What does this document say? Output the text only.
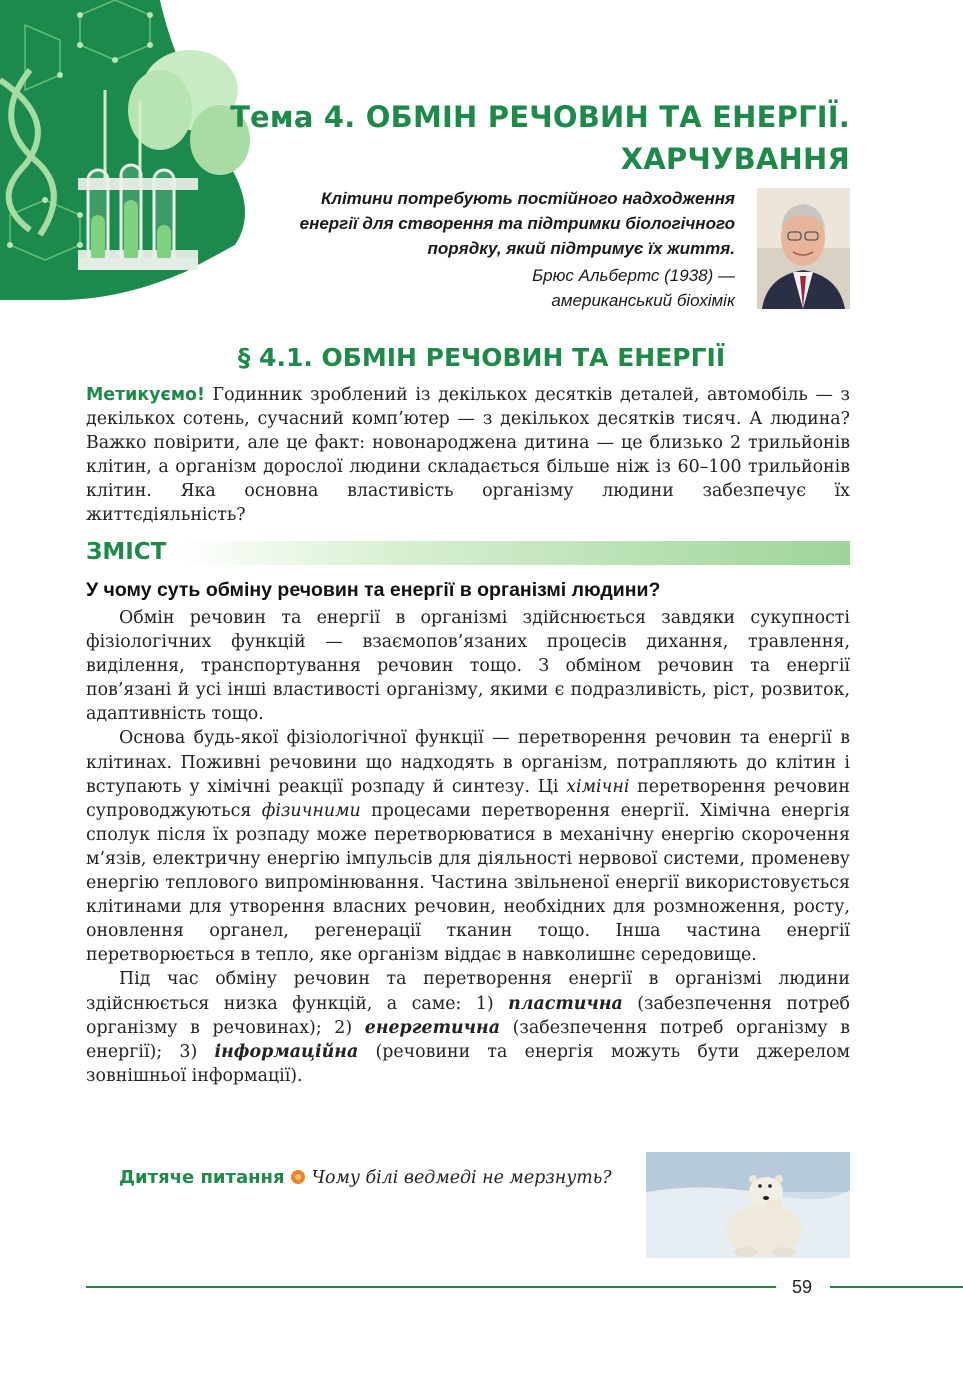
Тема 4. ОБМІН РЕЧОВИН ТА ЕНЕРГІЇ.
ХАРЧУВАННЯ
Клітини потребують постійного надходження
енергії для створення та підтримки біологічного
порядку, який підтримує їх життя.
Брюс Альбертс (1938) —
американський біохімік
§ 4.1. ОБМІН РЕЧОВИН ТА ЕНЕРГІЇ

Метикуємо! Годинник зроблений із декількох десятків деталей, автомобіль — з декількох сотень, сучасний комп’ютер — з декількох десятків тисяч. А людина? Важко повірити, але це факт: новонароджена дитина — це близько 2 трильйонів клітин, а організм дорослої людини складається більше ніж із 60–100 трильйонів клітин. Яка основна властивість організму людини забезпечує їх життєдіяльність?

ЗМІСТ
У чому суть обміну речовин та енергії в організмі людини?

Обмін речовин та енергії в організмі здійснюється завдяки сукупності фізіологічних функцій — взаємопов’язаних процесів дихання, травлення, виділення, транспортування речовин тощо. З обміном речовин та енергії пов’язані й усі інші властивості організму, якими є подразливість, ріст, розвиток, адаптивність тощо.

Основа будь-якої фізіологічної функції — перетворення речовин та енергії в клітинах. Поживні речовини що надходять в організм, потрапляють до клітин і вступають у хімічні реакції розпаду й синтезу. Ці хімічні перетворення речовин супроводжуються фізичними процесами перетворення енергії. Хімічна енергія сполук після їх розпаду може перетворюватися в механічну енергію скорочення м’язів, електричну енергію імпульсів для діяльності нервової системи, променеву енергію теплового випромінювання. Частина звільненої енергії використовується клітинами для утворення власних речовин, необхідних для розмноження, росту, оновлення органел, регенерації тканин тощо. Інша частина енергії перетворюється в тепло, яке організм віддає в навколишнє середовище.

Під час обміну речовин та перетворення енергії в організмі людини здійснюється низка функцій, а саме: 1) пластична (забезпечення потреб організму в речовинах); 2) енергетична (забезпечення потреб організму в енергії); 3) інформаційна (речовини та енергія можуть бути джерелом зовнішньої інформації).

Дитяче питання Чому білі ведмеді не мерзнуть?

59
